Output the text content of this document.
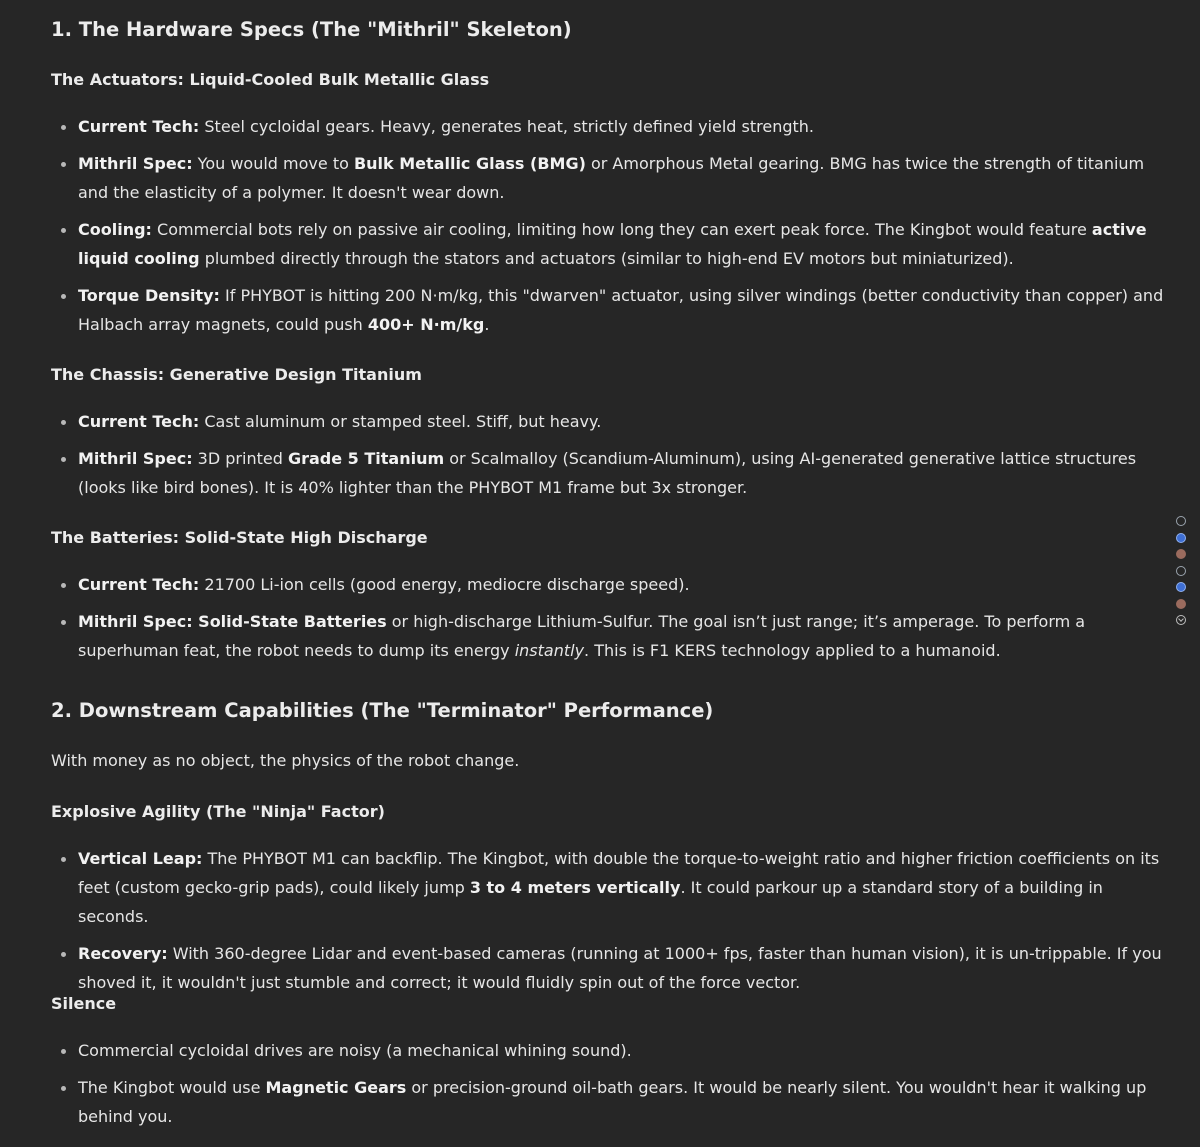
1. The Hardware Specs (The "Mithril" Skeleton)
The Actuators: Liquid-Cooled Bulk Metallic Glass
Current Tech: Steel cycloidal gears. Heavy, generates heat, strictly defined yield strength.
Mithril Spec: You would move to Bulk Metallic Glass (BMG) or Amorphous Metal gearing. BMG has twice the strength of titanium and the elasticity of a polymer. It doesn't wear down.
Cooling: Commercial bots rely on passive air cooling, limiting how long they can exert peak force. The Kingbot would feature active liquid cooling plumbed directly through the stators and actuators (similar to high-end EV motors but miniaturized).
Torque Density: If PHYBOT is hitting 200 N·m/kg, this "dwarven" actuator, using silver windings (better conductivity than copper) and Halbach array magnets, could push 400+ N·m/kg.
The Chassis: Generative Design Titanium
Current Tech: Cast aluminum or stamped steel. Stiff, but heavy.
Mithril Spec: 3D printed Grade 5 Titanium or Scalmalloy (Scandium-Aluminum), using AI-generated generative lattice structures (looks like bird bones). It is 40% lighter than the PHYBOT M1 frame but 3x stronger.
The Batteries: Solid-State High Discharge
Current Tech: 21700 Li-ion cells (good energy, mediocre discharge speed).
Mithril Spec: Solid-State Batteries or high-discharge Lithium-Sulfur. The goal isn’t just range; it’s amperage. To perform a superhuman feat, the robot needs to dump its energy instantly. This is F1 KERS technology applied to a humanoid.
2. Downstream Capabilities (The "Terminator" Performance)

With money as no object, the physics of the robot change.

Explosive Agility (The "Ninja" Factor)
Vertical Leap: The PHYBOT M1 can backflip. The Kingbot, with double the torque-to-weight ratio and higher friction coefficients on its feet (custom gecko-grip pads), could likely jump 3 to 4 meters vertically. It could parkour up a standard story of a building in seconds.
Recovery: With 360-degree Lidar and event-based cameras (running at 1000+ fps, faster than human vision), it is un-trippable. If you shoved it, it wouldn't just stumble and correct; it would fluidly spin out of the force vector.
Silence
Commercial cycloidal drives are noisy (a mechanical whining sound).
The Kingbot would use Magnetic Gears or precision-ground oil-bath gears. It would be nearly silent. You wouldn't hear it walking up behind you.
